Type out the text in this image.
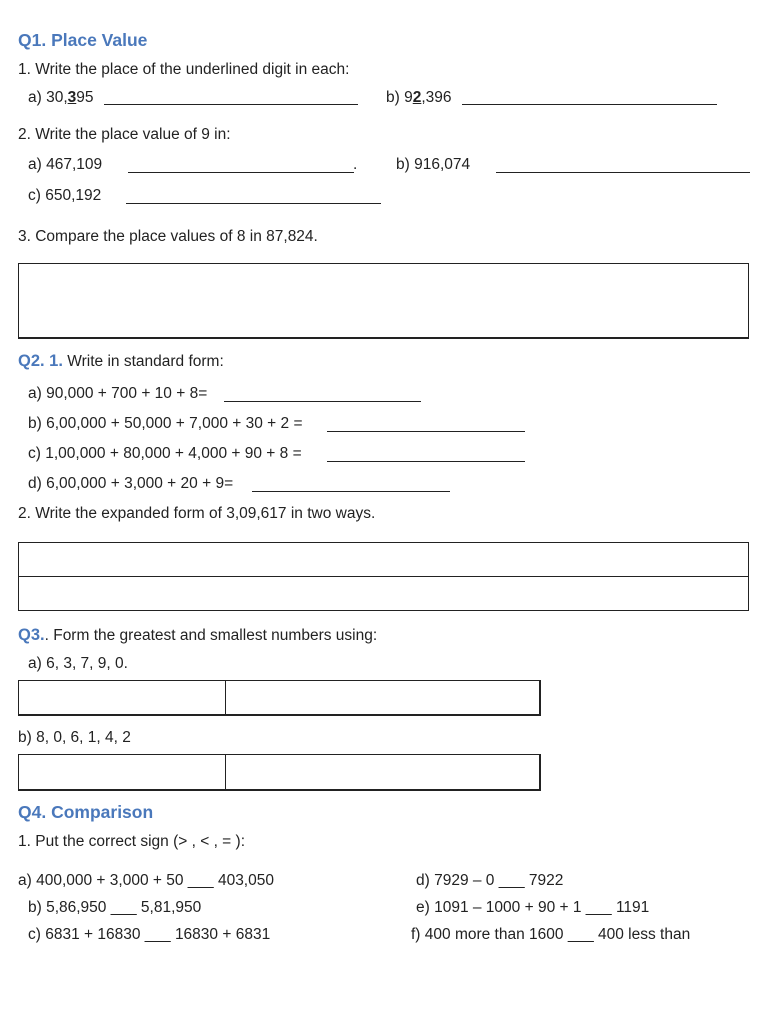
Q1. Place Value
1. Write the place of the underlined digit in each:
a) 30,395	b) 92,396
2. Write the place value of 9 in:
a) 467,109	. b) 916,074
c) 650,192
3. Compare the place values of 8 in 87,824.
Q2. 1. Write in standard form:
a) 90,000 + 700 + 10 + 8=
b) 6,00,000 + 50,000 + 7,000 + 30 + 2 =
c) 1,00,000 + 80,000 + 4,000 + 90 + 8 =
d) 6,00,000 + 3,000 + 20 + 9=
2. Write the expanded form of 3,09,617 in two ways.
Q3.. Form the greatest and smallest numbers using:
a) 6, 3, 7, 9, 0.
b) 8, 0, 6, 1, 4, 2
Q4. Comparison
1. Put the correct sign (> , < , = ):
a) 400,000 + 3,000 + 50 ___ 403,050
b) 5,86,950 ___ 5,81,950
c) 6831 + 16830 ___ 16830 + 6831
d) 7929 – 0 ___ 7922
e) 1091 – 1000 + 90 + 1 ___ 1191
f) 400 more than 1600 ___ 400 less than
